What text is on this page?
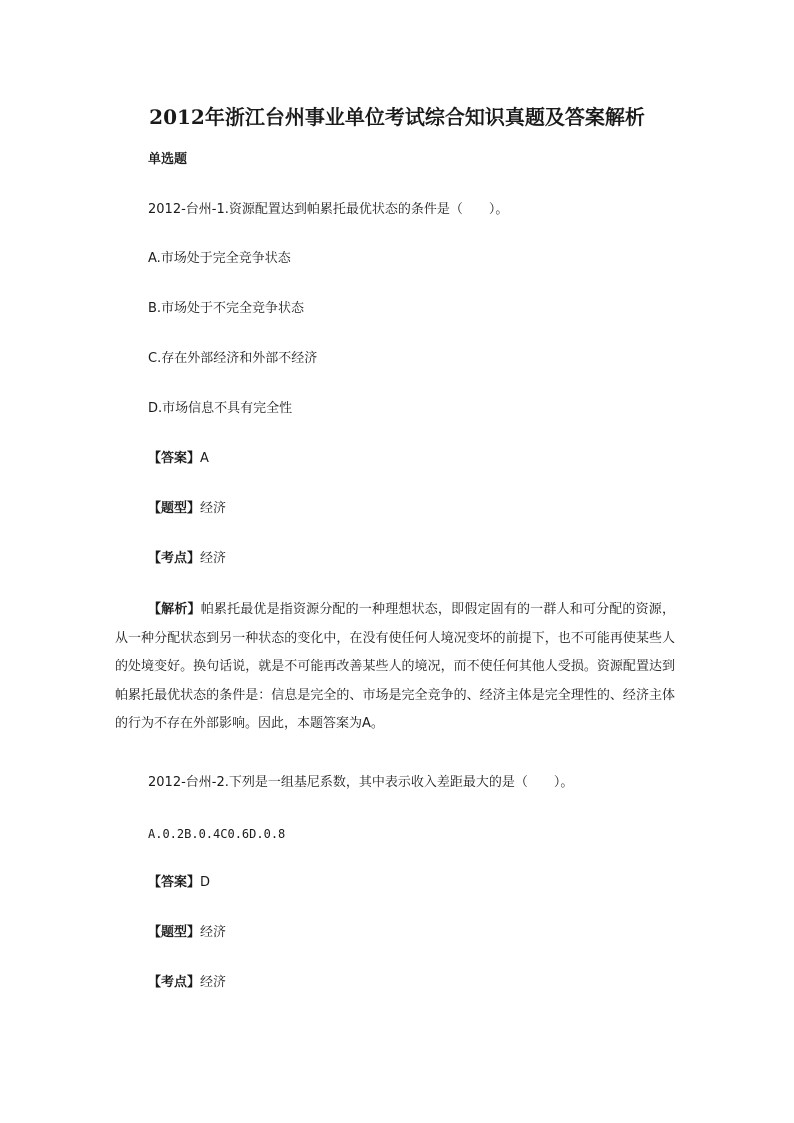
2012年浙江台州事业单位考试综合知识真题及答案解析
单选题
2012-台州-1.资源配置达到帕累托最优状态的条件是（　　）。
A.市场处于完全竞争状态
B.市场处于不完全竞争状态
C.存在外部经济和外部不经济
D.市场信息不具有完全性
【答案】A
【题型】经济
【考点】经济

【解析】帕累托最优是指资源分配的一种理想状态，即假定固有的一群人和可分配的资源，从一种分配状态到另一种状态的变化中，在没有使任何人境况变坏的前提下，也不可能再使某些人的处境变好。换句话说，就是不可能再改善某些人的境况，而不使任何其他人受损。资源配置达到帕累托最优状态的条件是：信息是完全的、市场是完全竞争的、经济主体是完全理性的、经济主体的行为不存在外部影响。因此，本题答案为A。

2012-台州-2.下列是一组基尼系数，其中表示收入差距最大的是（　　）。
A.0.2B.0.4C0.6D.0.8
【答案】D
【题型】经济
【考点】经济
